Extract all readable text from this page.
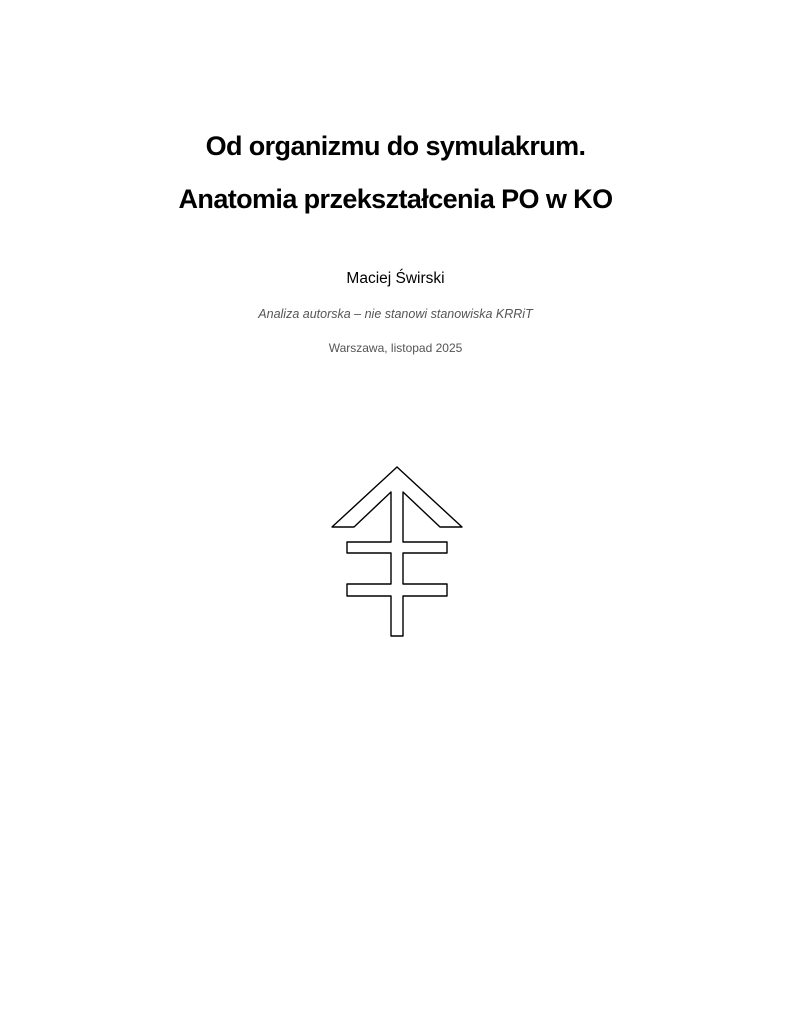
Od organizmu do symulakrum.
Anatomia przekształcenia PO w KO
Maciej Świrski
Analiza autorska – nie stanowi stanowiska KRRiT
Warszawa, listopad 2025
